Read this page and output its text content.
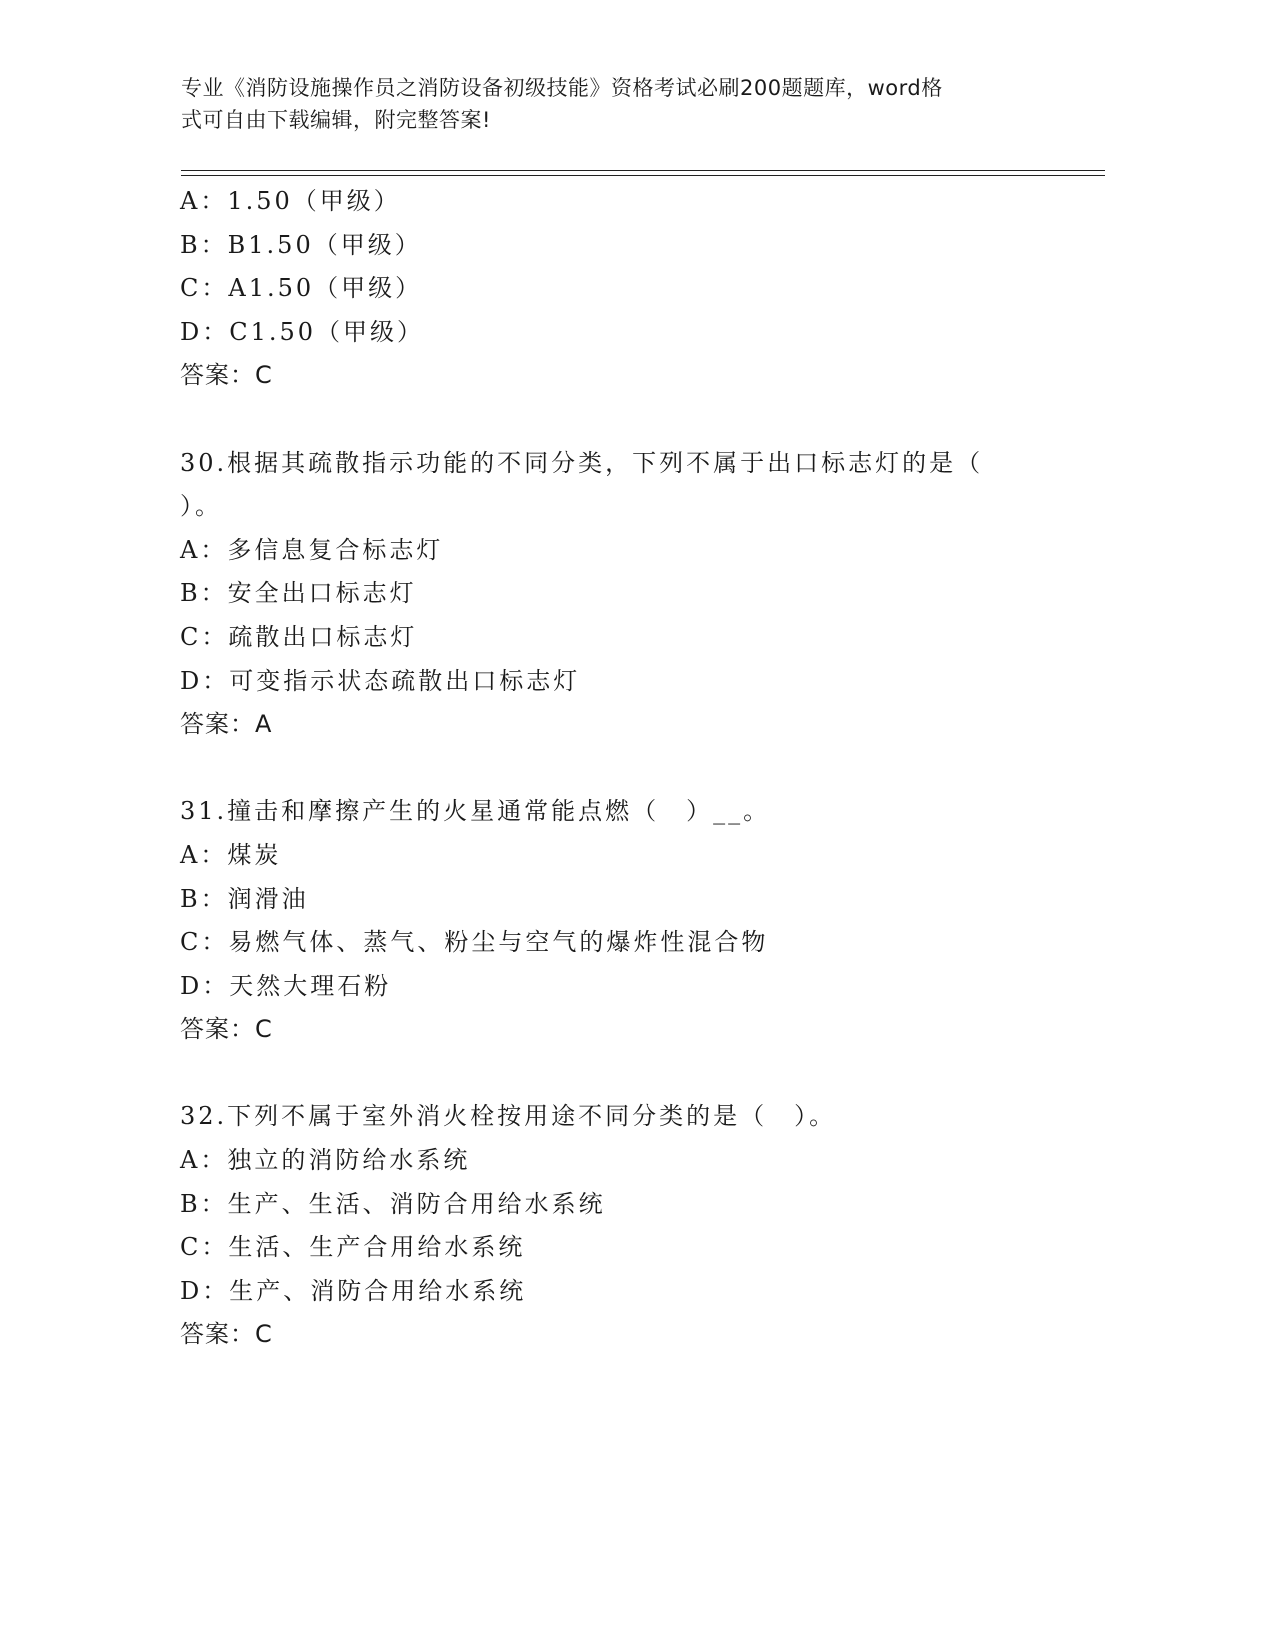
专业《消防设施操作员之消防设备初级技能》资格考试必刷200题题库，word格
式可自由下载编辑，附完整答案!
A：1.50（甲级）
B：B1.50（甲级）
C：A1.50（甲级）
D：C1.50（甲级）
答案：C
30.根据其疏散指示功能的不同分类，下列不属于出口标志灯的是（
）。
A：多信息复合标志灯
B：安全出口标志灯
C：疏散出口标志灯
D：可变指示状态疏散出口标志灯
答案：A
31.撞击和摩擦产生的火星通常能点燃（　）__。
A：煤炭
B：润滑油
C：易燃气体、蒸气、粉尘与空气的爆炸性混合物
D：天然大理石粉
答案：C
32.下列不属于室外消火栓按用途不同分类的是（　）。
A：独立的消防给水系统
B：生产、生活、消防合用给水系统
C：生活、生产合用给水系统
D：生产、消防合用给水系统
答案：C
